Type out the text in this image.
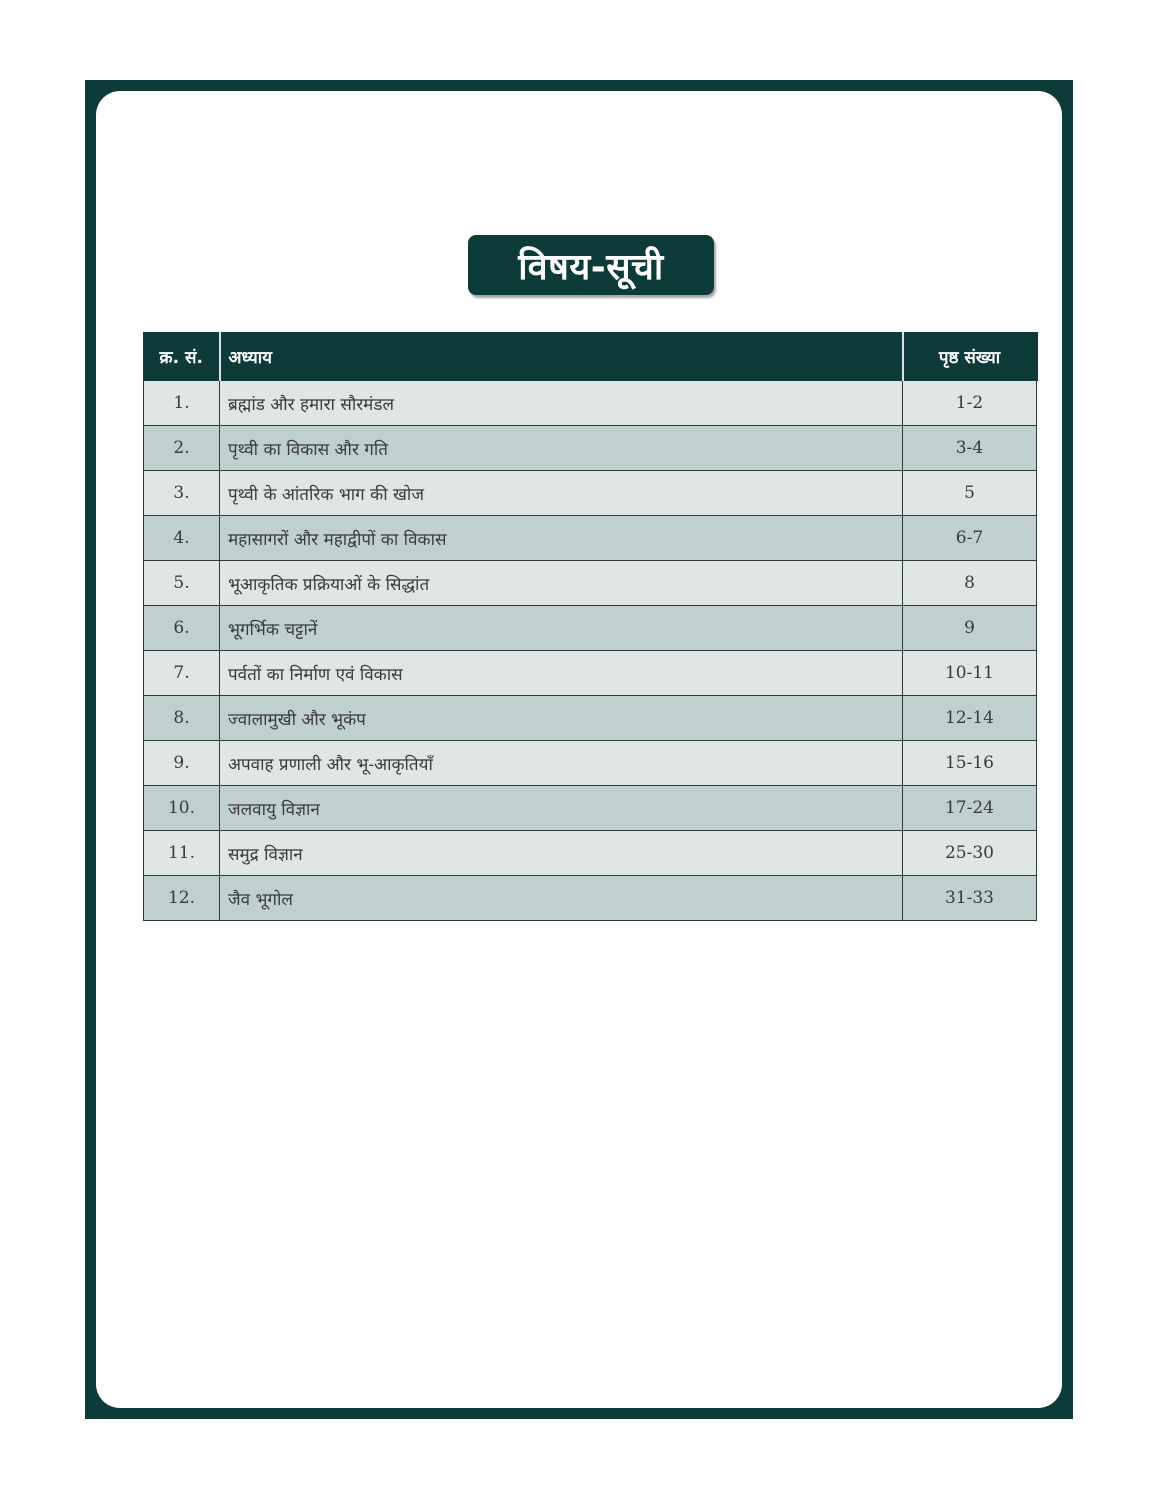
विषय-सूची
क्र. सं.	अध्याय	पृष्ठ संख्या
1.	ब्रह्मांड और हमारा सौरमंडल	1-2
2.	पृथ्वी का विकास और गति	3-4
3.	पृथ्वी के आंतरिक भाग की खोज	5
4.	महासागरों और महाद्वीपों का विकास	6-7
5.	भूआकृतिक प्रक्रियाओं के सिद्धांत	8
6.	भूगर्भिक चट्टानें	9
7.	पर्वतों का निर्माण एवं विकास	10-11
8.	ज्वालामुखी और भूकंप	12-14
9.	अपवाह प्रणाली और भू-आकृतियाँ	15-16
10.	जलवायु विज्ञान	17-24
11.	समुद्र विज्ञान	25-30
12.	जैव भूगोल	31-33
